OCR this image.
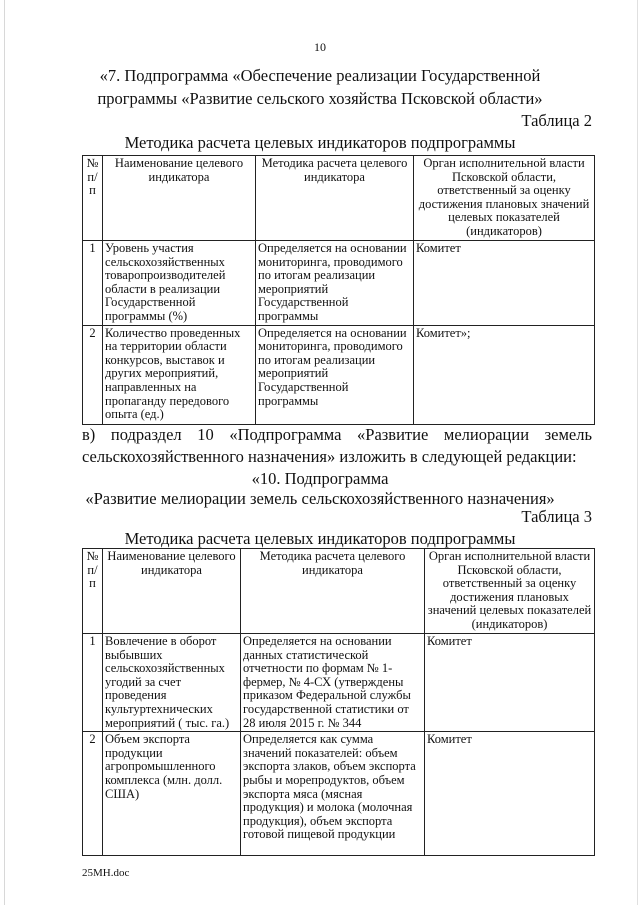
10
«7. Подпрограмма «Обеспечение реализации Государственной
программы «Развитие сельского хозяйства Псковской области»
Таблица 2
Методика расчета целевых индикаторов подпрограммы
№ п/п	Наименование целевого индикатора	Методика расчета целевого индикатора	Орган исполнительной власти Псковской области, ответственный за оценку достижения плановых значений целевых показателей (индикаторов)
1	Уровень участия сельскохозяйственных товаропроизводителей области в реализации Государственной программы (%)	Определяется на основании мониторинга, проводимого по итогам реализации мероприятий Государственной программы	Комитет
2	Количество проведенных на территории области конкурсов, выставок и других мероприятий, направленных на пропаганду передового опыта (ед.)	Определяется на основании мониторинга, проводимого по итогам реализации мероприятий Государственной программы	Комитет»;
в) подраздел 10 «Подпрограмма «Развитие мелиорации земель
сельскохозяйственного назначения» изложить в следующей редакции:
«10. Подпрограмма
«Развитие мелиорации земель сельскохозяйственного назначения»
Таблица 3
Методика расчета целевых индикаторов подпрограммы
№ п/п	Наименование целевого индикатора	Методика расчета целевого индикатора	Орган исполнительной власти Псковской области, ответственный за оценку достижения плановых значений целевых показателей (индикаторов)
1	Вовлечение в оборот выбывших сельскохозяйственных угодий за счет проведения культуртехнических мероприятий ( тыс. га.)	Определяется на основании данных статистической отчетности по формам № 1-фермер, № 4-СХ (утверждены приказом Федеральной службы государственной статистики от 28 июля 2015 г. № 344	Комитет
2	Объем экспорта продукции агропромышленного комплекса (млн. долл. США)	Определяется как сумма значений показателей: объем экспорта злаков, объем экспорта рыбы и морепродуктов, объем экспорта мяса (мясная продукция) и молока (молочная продукция), объем экспорта готовой пищевой продукции	Комитет
25МН.doc
